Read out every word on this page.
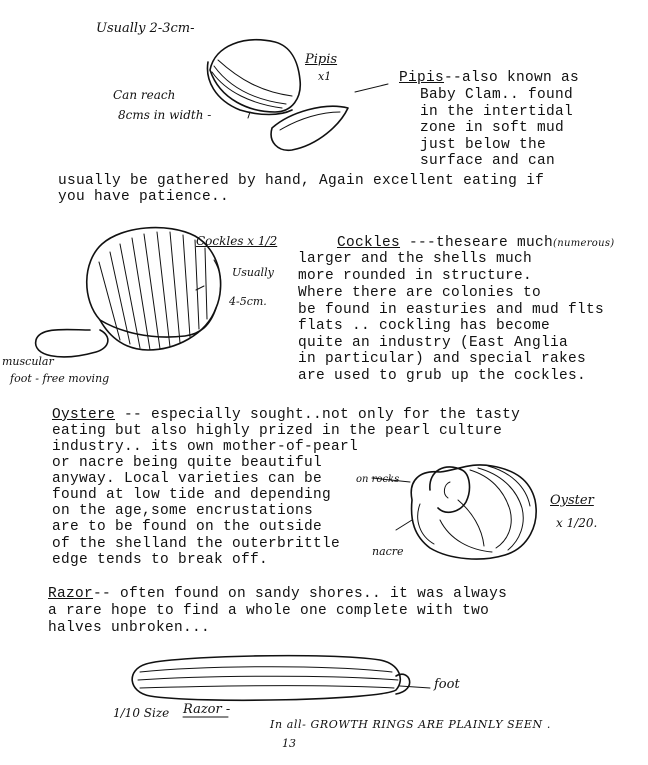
Usually 2-3cm-
Can reach
8cms in width -
Pipis
x1
Cockles x 1/2
Usually
4-5cm.
muscular
foot - free moving
on rocks
Oyster
x 1/20.
nacre
foot
1/10 Size Razor -
In all- GROWTH RINGS ARE PLAINLY SEEN .
13
Pipis--also known as
Baby Clam.. found
in the intertidal
zone in soft mud
just below the
surface and can
usually be gathered by hand, Again excellent eating if
you have patience..
Cockles ---theseare much(numerous)
larger and the shells much
more rounded in structure.
Where there are colonies to
be found in easturies and mud flts
flats .. cockling has become
quite an industry (East Anglia
in particular) and special rakes
are used to grub up the cockles.
Oystere -- especially sought..not only for the tasty
eating but also highly prized in the pearl culture
industry.. its own mother-of-pearl
or nacre being quite beautiful
anyway. Local varieties can be
found at low tide and depending
on the age,some encrustations
are to be found on the outside
of the shelland the outerbrittle
edge tends to break off.
Razor-- often found on sandy shores.. it was always
a rare hope to find a whole one complete with two
halves unbroken...
